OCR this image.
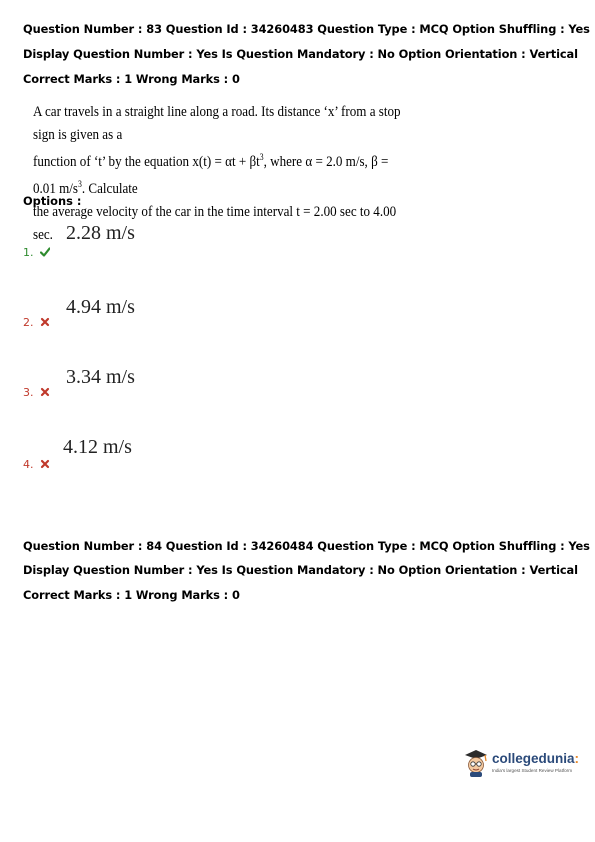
Question Number : 83 Question Id : 34260483 Question Type : MCQ Option Shuffling : Yes
Display Question Number : Yes Is Question Mandatory : No Option Orientation : Vertical
Correct Marks : 1 Wrong Marks : 0
A car travels in a straight line along a road. Its distance ‘x’ from a stop sign is given as a
function of ‘t’ by the equation $x(t) = \alpha t + \beta t^3$, where α = 2.0 m/s, β = 0.01 $m/s^3$. Calculate
the average velocity of the car in the time interval t = 2.00 sec to 4.00 sec.
Options :
2.28 m/s
1.
4.94 m/s
2.
3.34 m/s
3.
4.12 m/s
4.
Question Number : 84 Question Id : 34260484 Question Type : MCQ Option Shuffling : Yes
Display Question Number : Yes Is Question Mandatory : No Option Orientation : Vertical
Correct Marks : 1 Wrong Marks : 0
collegedunia:
India's largest Student Review Platform
